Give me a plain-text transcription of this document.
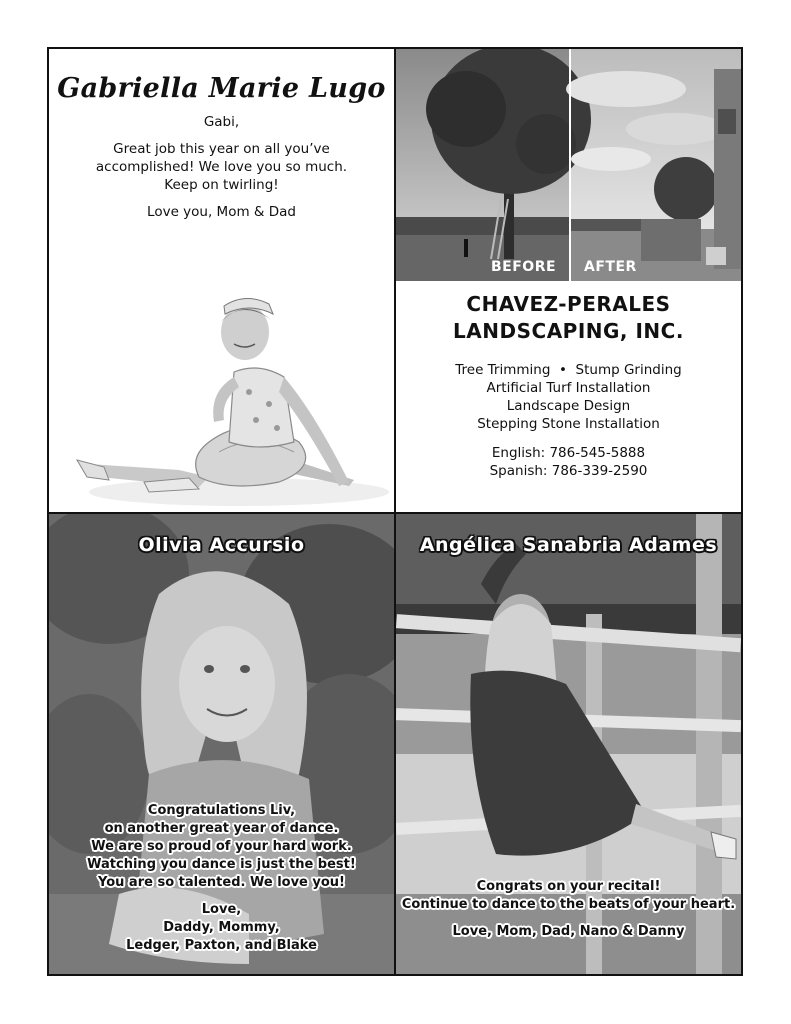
Gabriella Marie Lugo

Gabi,

Great job this year on all you’ve
accomplished! We love you so much.
Keep on twirling!

Love you, Mom & Dad

BEFORE AFTER
CHAVEZ-PERALES
LANDSCAPING, INC.
Tree Trimming  •  Stump Grinding
Artificial Turf Installation
Landscape Design
Stepping Stone Installation
English: 786-545-5888
Spanish: 786-339-2590
Olivia Accursio

Congratulations Liv,
on another great year of dance.
We are so proud of your hard work.
Watching you dance is just the best!
You are so talented. We love you!

Love,
Daddy, Mommy,
Ledger, Paxton, and Blake

Angélica Sanabria Adames

Congrats on your recital!
Continue to dance to the beats of your heart.

Love, Mom, Dad, Nano & Danny
